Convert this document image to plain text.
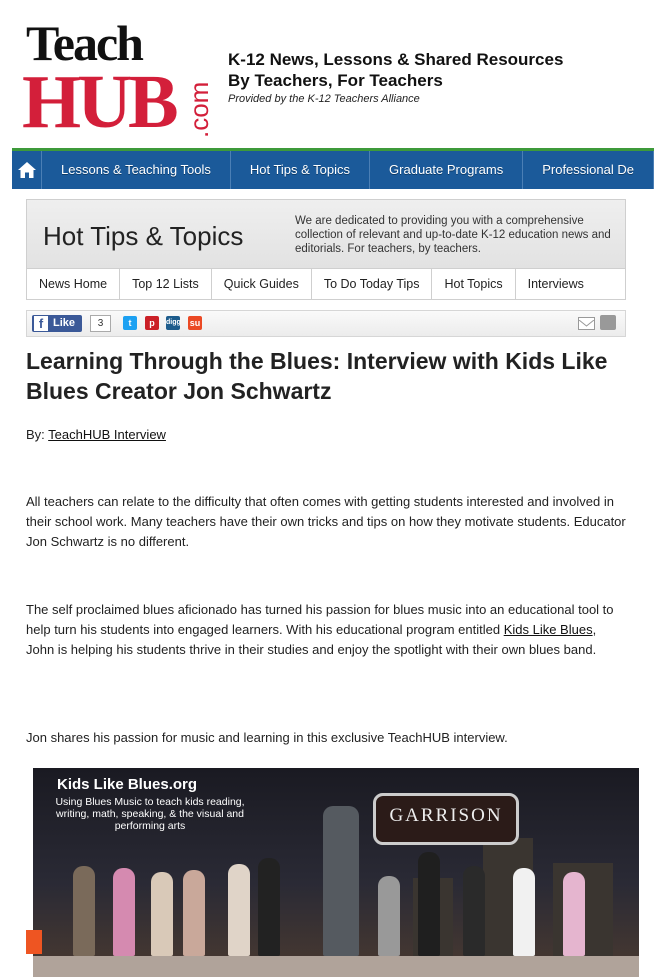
Teach
HUB .com
K-12 News, Lessons & Shared Resources
By Teachers, For Teachers
Provided by the K-12 Teachers Alliance
Lessons & Teaching Tools	Hot Tips & Topics	Graduate Programs	Professional De
Hot Tips & Topics	We are dedicated to providing you with a comprehensive collection of relevant and up-to-date K-12 education news and editorials. For teachers, by teachers.
News Home	Top 12 Lists	Quick Guides	To Do Today Tips	Hot Topics	Interviews
f Like	3	t	p	digg su
Learning Through the Blues: Interview with Kids Like Blues Creator Jon Schwartz
By: TeachHUB Interview
All teachers can relate to the difficulty that often comes with getting students interested and involved in their school work. Many teachers have their own tricks and tips on how they motivate students. Educator Jon Schwartz is no different.
The self proclaimed blues aficionado has turned his passion for blues music into an educational tool to help turn his students into engaged learners. With his educational program entitled Kids Like Blues, John is helping his students thrive in their studies and enjoy the spotlight with their own blues band.
Jon shares his passion for music and learning in this exclusive TeachHUB interview.
Kids Like Blues.org
Using Blues Music to teach kids reading, writing, math, speaking, & the visual and performing arts	GARRISON
